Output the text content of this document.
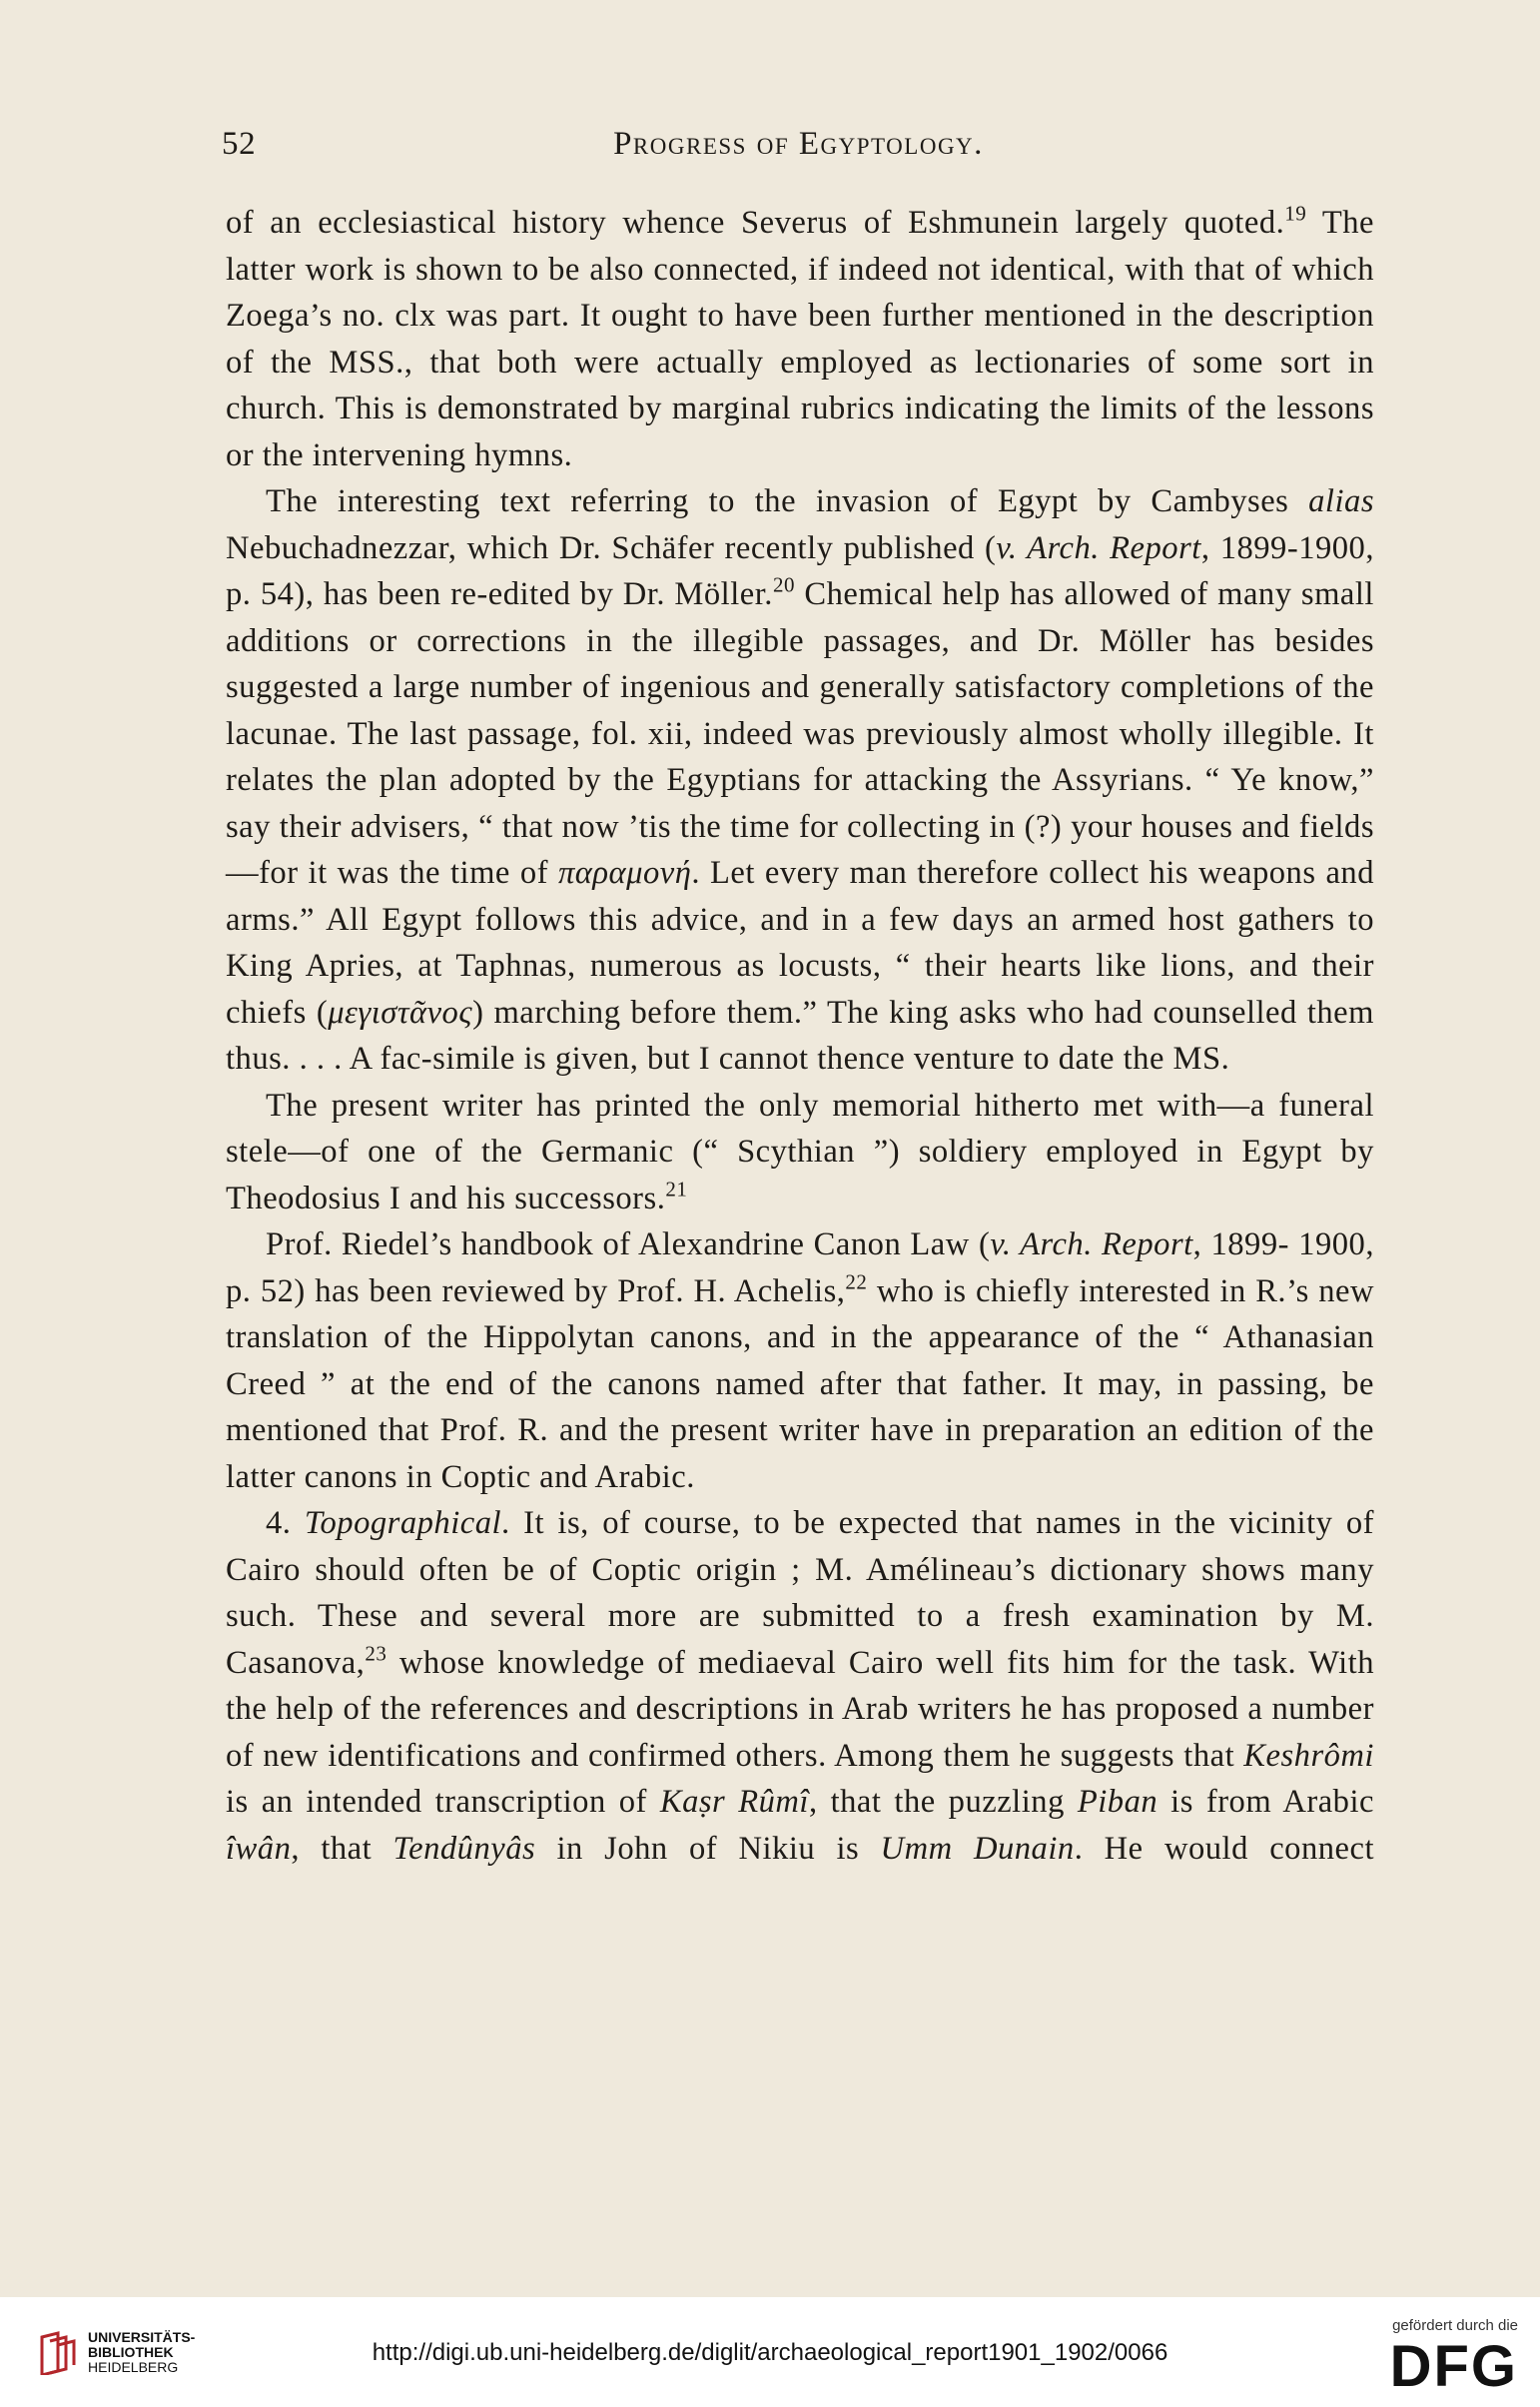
52	Progress of Egyptology.

of an ecclesiastical history whence Severus of Eshmunein largely quoted.$^{19}$ The latter work is shown to be also connected, if indeed not identical, with that of which Zoega’s no. clx was part. It ought to have been further mentioned in the description of the MSS., that both were actually employed as lectionaries of some sort in church. This is demonstrated by marginal rubrics indicating the limits of the lessons or the intervening hymns.

The interesting text referring to the invasion of Egypt by Cambyses alias Nebuchadnezzar, which Dr. Schäfer recently published (v. Arch. Report, 1899-1900, p. 54), has been re-edited by Dr. Möller.$^{20}$ Chemical help has allowed of many small additions or corrections in the illegible passages, and Dr. Möller has besides suggested a large number of ingenious and generally satisfactory completions of the lacunae. The last passage, fol. xii, indeed was previously almost wholly illegible. It relates the plan adopted by the Egyptians for attacking the Assyrians. “ Ye know,” say their advisers, “ that now ’tis the time for collecting in (?) your houses and fields—for it was the time of παραμονή. Let every man therefore collect his weapons and arms.” All Egypt follows this advice, and in a few days an armed host gathers to King Apries, at Taphnas, numerous as locusts, “ their hearts like lions, and their chiefs (μεγιστᾶνος) marching before them.” The king asks who had counselled them thus. . . . A fac-simile is given, but I cannot thence venture to date the MS.

The present writer has printed the only memorial hitherto met with—a funeral stele—of one of the Germanic (“ Scythian ”) soldiery employed in Egypt by Theodosius I and his successors.$^{21}$

Prof. Riedel’s handbook of Alexandrine Canon Law (v. Arch. Report, 1899- 1900, p. 52) has been reviewed by Prof. H. Achelis,$^{22}$ who is chiefly interested in R.’s new translation of the Hippolytan canons, and in the appearance of the “ Athanasian Creed ” at the end of the canons named after that father. It may, in passing, be mentioned that Prof. R. and the present writer have in preparation an edition of the latter canons in Coptic and Arabic.

4. Topographical. It is, of course, to be expected that names in the vicinity of Cairo should often be of Coptic origin ; M. Amélineau’s dictionary shows many such. These and several more are submitted to a fresh examination by M. Casanova,$^{23}$ whose knowledge of mediaeval Cairo well fits him for the task. With the help of the references and descriptions in Arab writers he has proposed a number of new identifications and confirmed others. Among them he suggests that Keshrômi is an intended transcription of Kaṣr Rûmî, that the puzzling Piban is from Arabic îwân, that Tendûnyâs in John of Nikiu is Umm Dunain. He would connect

UNIVERSITÄTS-
BIBLIOTHEK
HEIDELBERG
http://digi.ub.uni-heidelberg.de/diglit/archaeological_report1901_1902/0066
gefördert durch die
DFG
